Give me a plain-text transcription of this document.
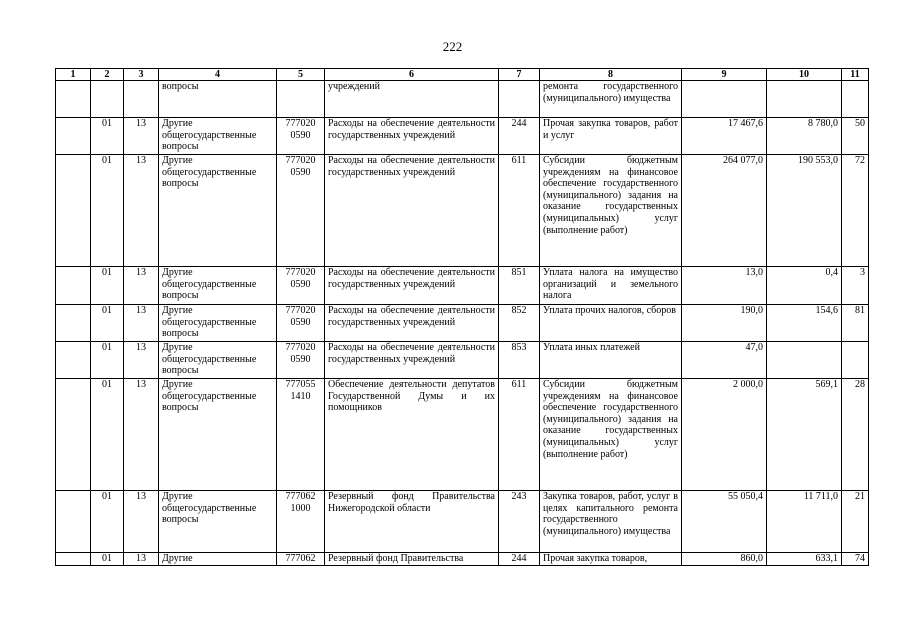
222
1	2	3	4	5	6	7	8	9	10	11
			вопросы		учреждений		ремонта государственного (муниципального) имущества			
	01	13	Другие общегосударственные вопросы	777020 0590	Расходы на обеспечение деятельности государственных учреждений	244	Прочая закупка товаров, работ и услуг	17 467,6	8 780,0	50
	01	13	Другие общегосударственные вопросы	777020 0590	Расходы на обеспечение деятельности государственных учреждений	611	Субсидии бюджетным учреждениям на финансовое обеспечение государственного (муниципального) задания на оказание государственных (муниципальных) услуг (выполнение работ)	264 077,0	190 553,0	72
	01	13	Другие общегосударственные вопросы	777020 0590	Расходы на обеспечение деятельности государственных учреждений	851	Уплата налога на имущество организаций и земельного налога	13,0	0,4	3
	01	13	Другие общегосударственные вопросы	777020 0590	Расходы на обеспечение деятельности государственных учреждений	852	Уплата прочих налогов, сборов	190,0	154,6	81
	01	13	Другие общегосударственные вопросы	777020 0590	Расходы на обеспечение деятельности государственных учреждений	853	Уплата иных платежей	47,0		
	01	13	Другие общегосударственные вопросы	777055 1410	Обеспечение деятельности депутатов Государственной Думы и их помощников	611	Субсидии бюджетным учреждениям на финансовое обеспечение государственного (муниципального) задания на оказание государственных (муниципальных) услуг (выполнение работ)	2 000,0	569,1	28
	01	13	Другие общегосударственные вопросы	777062 1000	Резервный фонд Правительства Нижегородской области	243	Закупка товаров, работ, услуг в целях капитального ремонта государственного (муниципального) имущества	55 050,4	11 711,0	21
	01	13	Другие	777062	Резервный фонд Правительства	244	Прочая закупка товаров,	860,0	633,1	74
